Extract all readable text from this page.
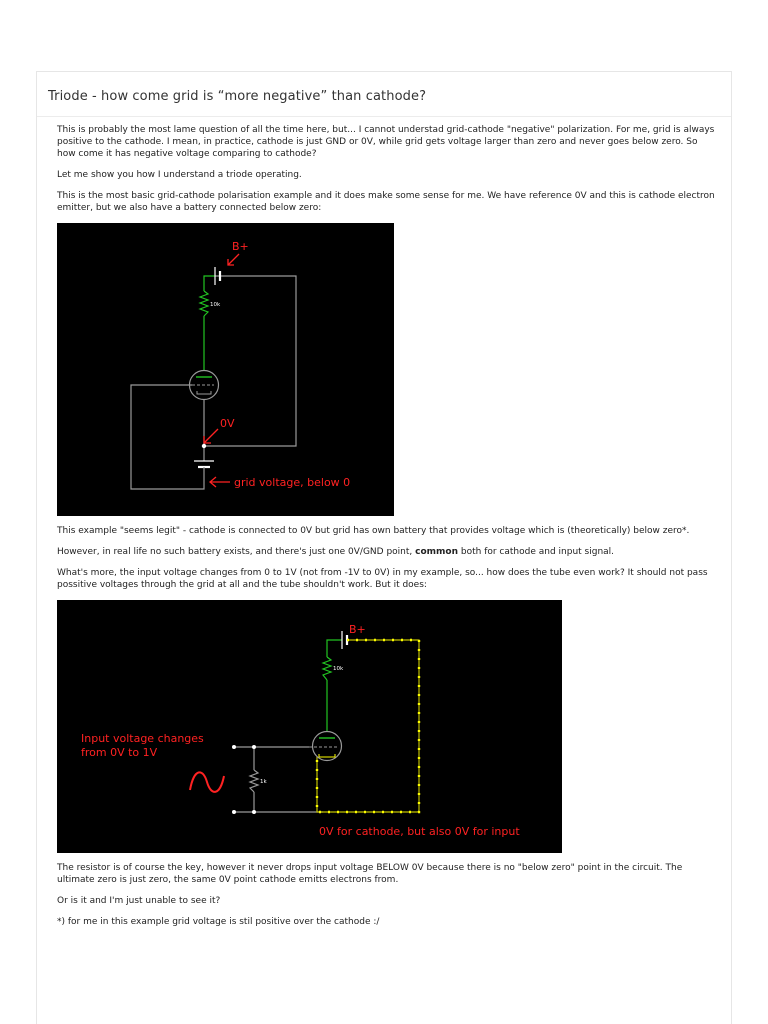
Triode - how come grid is “more negative” than cathode?

This is probably the most lame question of all the time here, but... I cannot understad grid-cathode "negative" polarization. For me, grid is always positive to the cathode. I mean, in practice, cathode is just GND or 0V, while grid gets voltage larger than zero and never goes below zero. So how come it has negative voltage comparing to cathode?

Let me show you how I understand a triode operating.

This is the most basic grid-cathode polarisation example and it does make some sense for me. We have reference 0V and this is cathode electron emitter, but we also have a battery connected below zero:

10k
B+
0V
grid voltage, below 0

This example "seems legit" - cathode is connected to 0V but grid has own battery that provides voltage which is (theoretically) below zero*.

However, in real life no such battery exists, and there's just one 0V/GND point, common both for cathode and input signal.

What's more, the input voltage changes from 0 to 1V (not from -1V to 0V) in my example, so... how does the tube even work? It should not pass possitive voltages through the grid at all and the tube shouldn't work. But it does:

1k
10k
B+
Input voltage changes
from 0V to 1V
0V for cathode, but also 0V for input

The resistor is of course the key, however it never drops input voltage BELOW 0V because there is no "below zero" point in the circuit. The ultimate zero is just zero, the same 0V point cathode emitts electrons from.

Or is it and I'm just unable to see it?

*) for me in this example grid voltage is stil positive over the cathode :/
